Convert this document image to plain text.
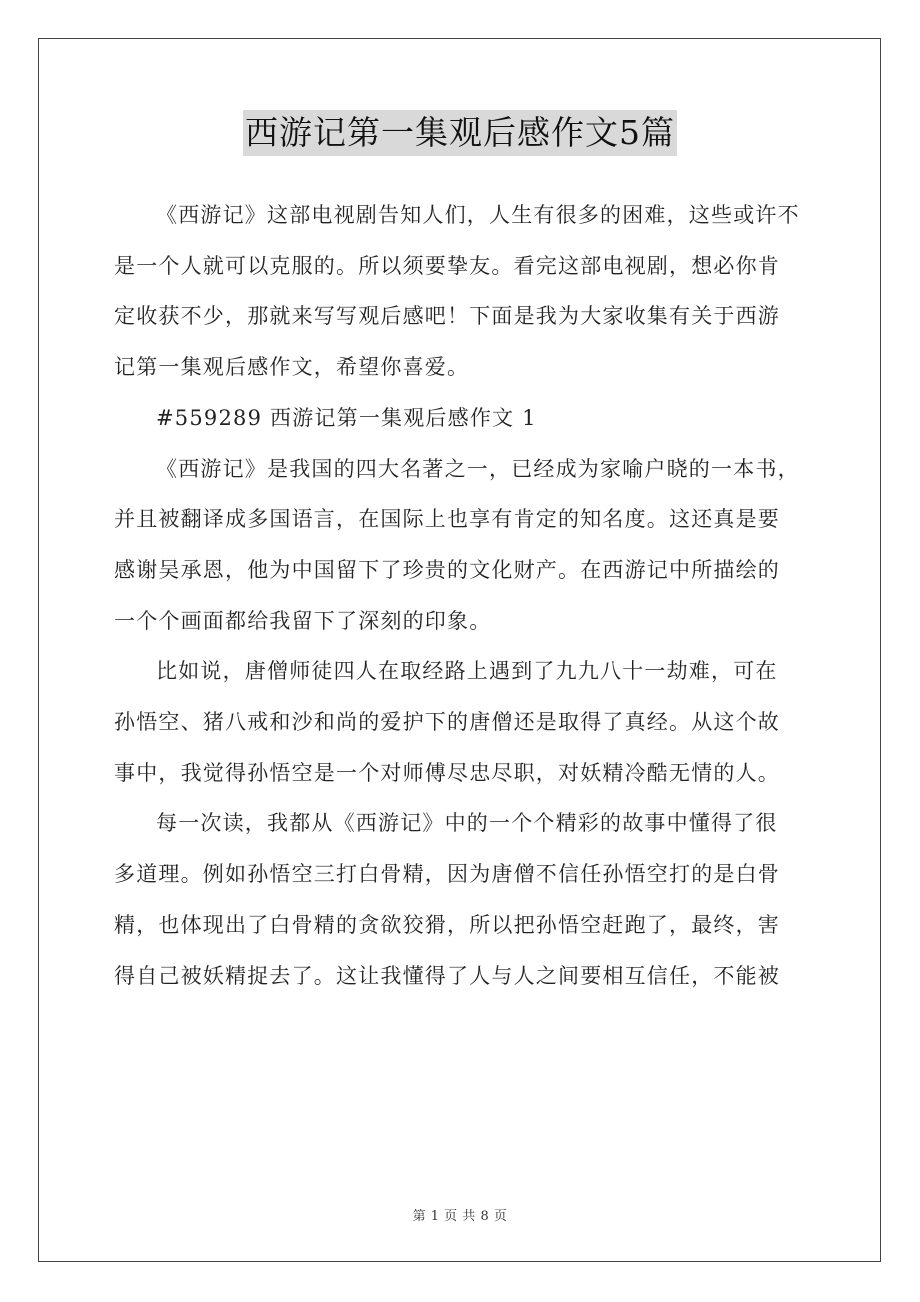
西游记第一集观后感作文5篇

《西游记》这部电视剧告知人们，人生有很多的困难，这些或许不
是一个人就可以克服的。所以须要挚友。看完这部电视剧，想必你肯
定收获不少，那就来写写观后感吧！下面是我为大家收集有关于西游
记第一集观后感作文，希望你喜爱。

#559289 西游记第一集观后感作文 1

《西游记》是我国的四大名著之一，已经成为家喻户晓的一本书，
并且被翻译成多国语言，在国际上也享有肯定的知名度。这还真是要
感谢吴承恩，他为中国留下了珍贵的文化财产。在西游记中所描绘的
一个个画面都给我留下了深刻的印象。

比如说，唐僧师徒四人在取经路上遇到了九九八十一劫难，可在
孙悟空、猪八戒和沙和尚的爱护下的唐僧还是取得了真经。从这个故
事中，我觉得孙悟空是一个对师傅尽忠尽职，对妖精冷酷无情的人。

每一次读，我都从《西游记》中的一个个精彩的故事中懂得了很
多道理。例如孙悟空三打白骨精，因为唐僧不信任孙悟空打的是白骨
精，也体现出了白骨精的贪欲狡猾，所以把孙悟空赶跑了，最终，害
得自己被妖精捉去了。这让我懂得了人与人之间要相互信任，不能被

第 1 页 共 8 页
